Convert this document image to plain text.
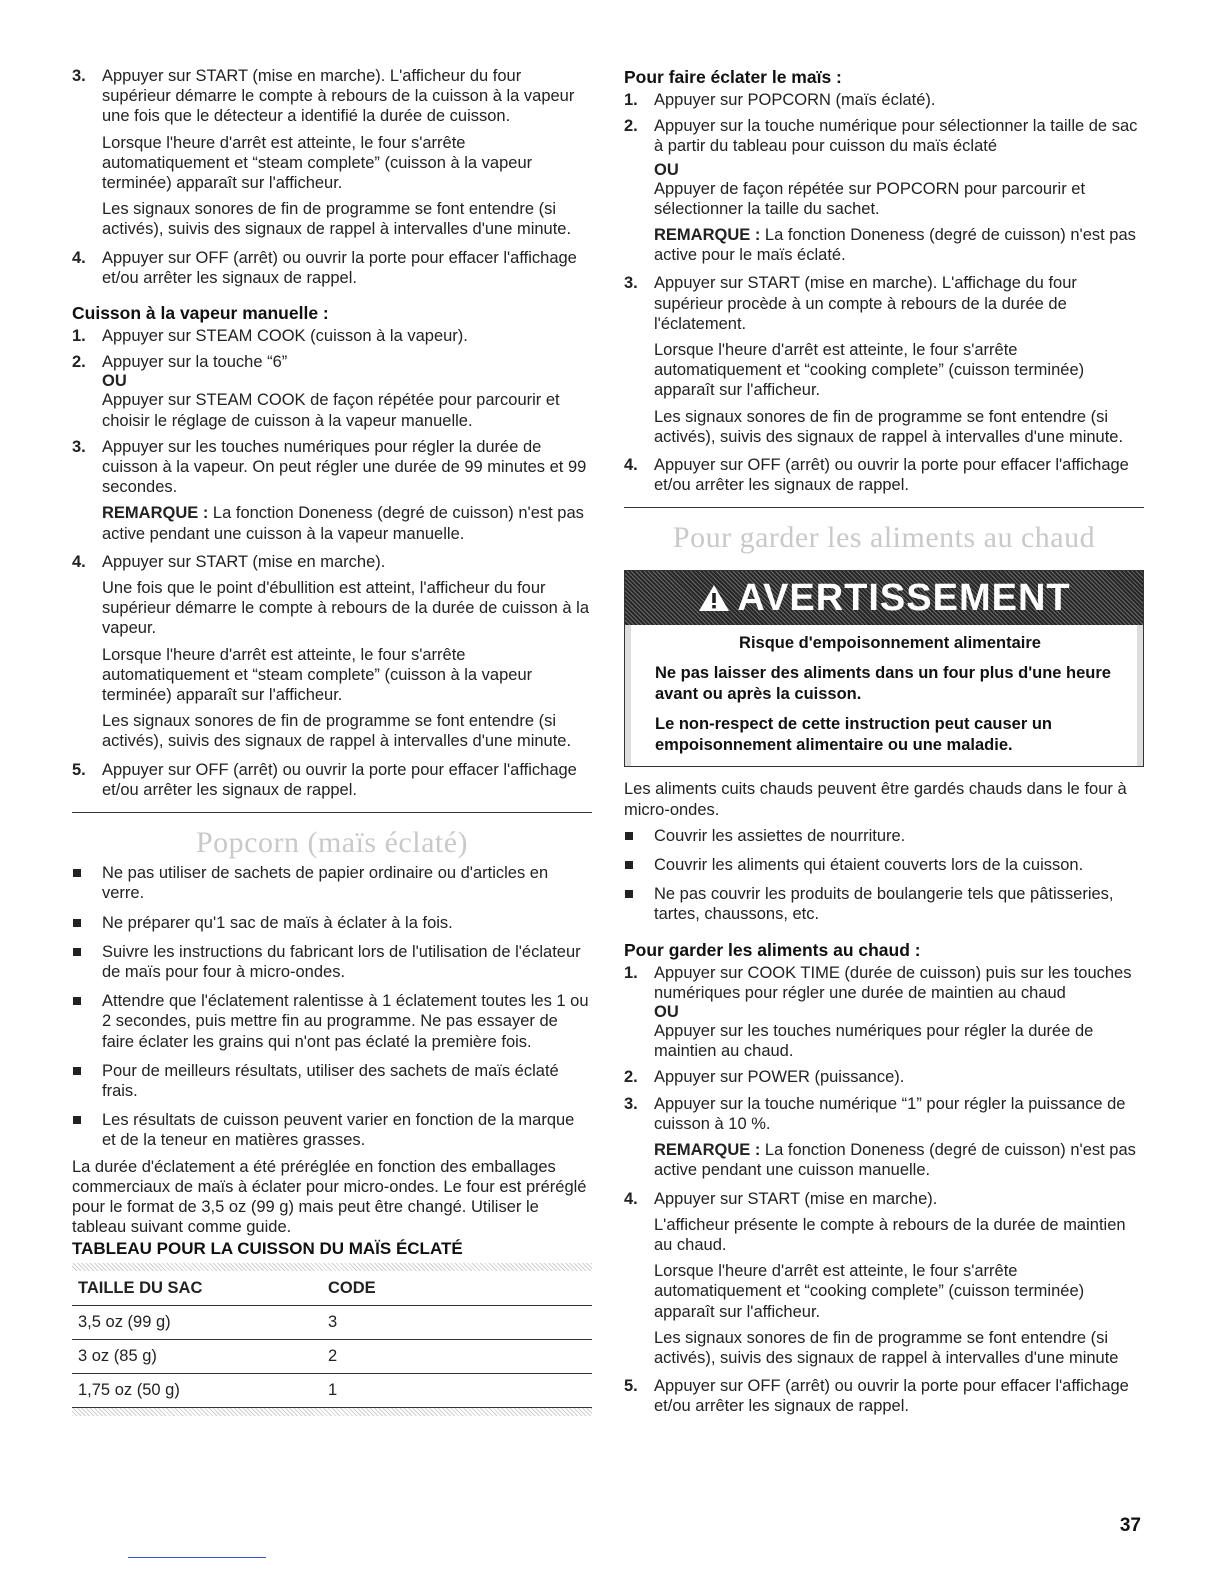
3. Appuyer sur START (mise en marche). L'afficheur du four supérieur démarre le compte à rebours de la cuisson à la vapeur une fois que le détecteur a identifié la durée de cuisson.

Lorsque l'heure d'arrêt est atteinte, le four s'arrête automatiquement et “steam complete” (cuisson à la vapeur terminée) apparaît sur l'afficheur.

Les signaux sonores de fin de programme se font entendre (si activés), suivis des signaux de rappel à intervalles d'une minute.

4. Appuyer sur OFF (arrêt) ou ouvrir la porte pour effacer l'affichage et/ou arrêter les signaux de rappel.

Cuisson à la vapeur manuelle :
1. Appuyer sur STEAM COOK (cuisson à la vapeur).

2. Appuyer sur la touche “6”

OU

Appuyer sur STEAM COOK de façon répétée pour parcourir et choisir le réglage de cuisson à la vapeur manuelle.

3. Appuyer sur les touches numériques pour régler la durée de cuisson à la vapeur. On peut régler une durée de 99 minutes et 99 secondes.

REMARQUE : La fonction Doneness (degré de cuisson) n'est pas active pendant une cuisson à la vapeur manuelle.

4. Appuyer sur START (mise en marche).

Une fois que le point d'ébullition est atteint, l'afficheur du four supérieur démarre le compte à rebours de la durée de cuisson à la vapeur.

Lorsque l'heure d'arrêt est atteinte, le four s'arrête automatiquement et “steam complete” (cuisson à la vapeur terminée) apparaît sur l'afficheur.

Les signaux sonores de fin de programme se font entendre (si activés), suivis des signaux de rappel à intervalles d'une minute.

5. Appuyer sur OFF (arrêt) ou ouvrir la porte pour effacer l'affichage et/ou arrêter les signaux de rappel.

Popcorn (maïs éclaté)
Ne pas utiliser de sachets de papier ordinaire ou d'articles en verre.
Ne préparer qu'1 sac de maïs à éclater à la fois.
Suivre les instructions du fabricant lors de l'utilisation de l'éclateur de maïs pour four à micro-ondes.
Attendre que l'éclatement ralentisse à 1 éclatement toutes les 1 ou 2 secondes, puis mettre fin au programme. Ne pas essayer de faire éclater les grains qui n'ont pas éclaté la première fois.
Pour de meilleurs résultats, utiliser des sachets de maïs éclaté frais.
Les résultats de cuisson peuvent varier en fonction de la marque et de la teneur en matières grasses.

La durée d'éclatement a été préréglée en fonction des emballages commerciaux de maïs à éclater pour micro-ondes. Le four est préréglé pour le format de 3,5 oz (99 g) mais peut être changé. Utiliser le tableau suivant comme guide.

TABLEAU POUR LA CUISSON DU MAÏS ÉCLATÉ

TAILLE DU SAC	CODE
3,5 oz (99 g)	3
3 oz (85 g)	2
1,75 oz (50 g)	1
Pour faire éclater le maïs :
1. Appuyer sur POPCORN (maïs éclaté).

2. Appuyer sur la touche numérique pour sélectionner la taille de sac à partir du tableau pour cuisson du maïs éclaté

OU

Appuyer de façon répétée sur POPCORN pour parcourir et sélectionner la taille du sachet.

REMARQUE : La fonction Doneness (degré de cuisson) n'est pas active pour le maïs éclaté.

3. Appuyer sur START (mise en marche). L'affichage du four supérieur procède à un compte à rebours de la durée de l'éclatement.

Lorsque l'heure d'arrêt est atteinte, le four s'arrête automatiquement et “cooking complete” (cuisson terminée) apparaît sur l'afficheur.

Les signaux sonores de fin de programme se font entendre (si activés), suivis des signaux de rappel à intervalles d'une minute.

4. Appuyer sur OFF (arrêt) ou ouvrir la porte pour effacer l'affichage et/ou arrêter les signaux de rappel.

Pour garder les aliments au chaud
AVERTISSEMENT

Risque d'empoisonnement alimentaire

Ne pas laisser des aliments dans un four plus d'une heure avant ou après la cuisson.

Le non-respect de cette instruction peut causer un empoisonnement alimentaire ou une maladie.

Les aliments cuits chauds peuvent être gardés chauds dans le four à micro-ondes.

Couvrir les assiettes de nourriture.
Couvrir les aliments qui étaient couverts lors de la cuisson.
Ne pas couvrir les produits de boulangerie tels que pâtisseries, tartes, chaussons, etc.
Pour garder les aliments au chaud :
1. Appuyer sur COOK TIME (durée de cuisson) puis sur les touches numériques pour régler une durée de maintien au chaud

OU

Appuyer sur les touches numériques pour régler la durée de maintien au chaud.

2. Appuyer sur POWER (puissance).

3. Appuyer sur la touche numérique “1” pour régler la puissance de cuisson à 10 %.

REMARQUE : La fonction Doneness (degré de cuisson) n'est pas active pendant une cuisson manuelle.

4. Appuyer sur START (mise en marche).

L'afficheur présente le compte à rebours de la durée de maintien au chaud.

Lorsque l'heure d'arrêt est atteinte, le four s'arrête automatiquement et “cooking complete” (cuisson terminée) apparaît sur l'afficheur.

Les signaux sonores de fin de programme se font entendre (si activés), suivis des signaux de rappel à intervalles d'une minute

5. Appuyer sur OFF (arrêt) ou ouvrir la porte pour effacer l'affichage et/ou arrêter les signaux de rappel.

37
